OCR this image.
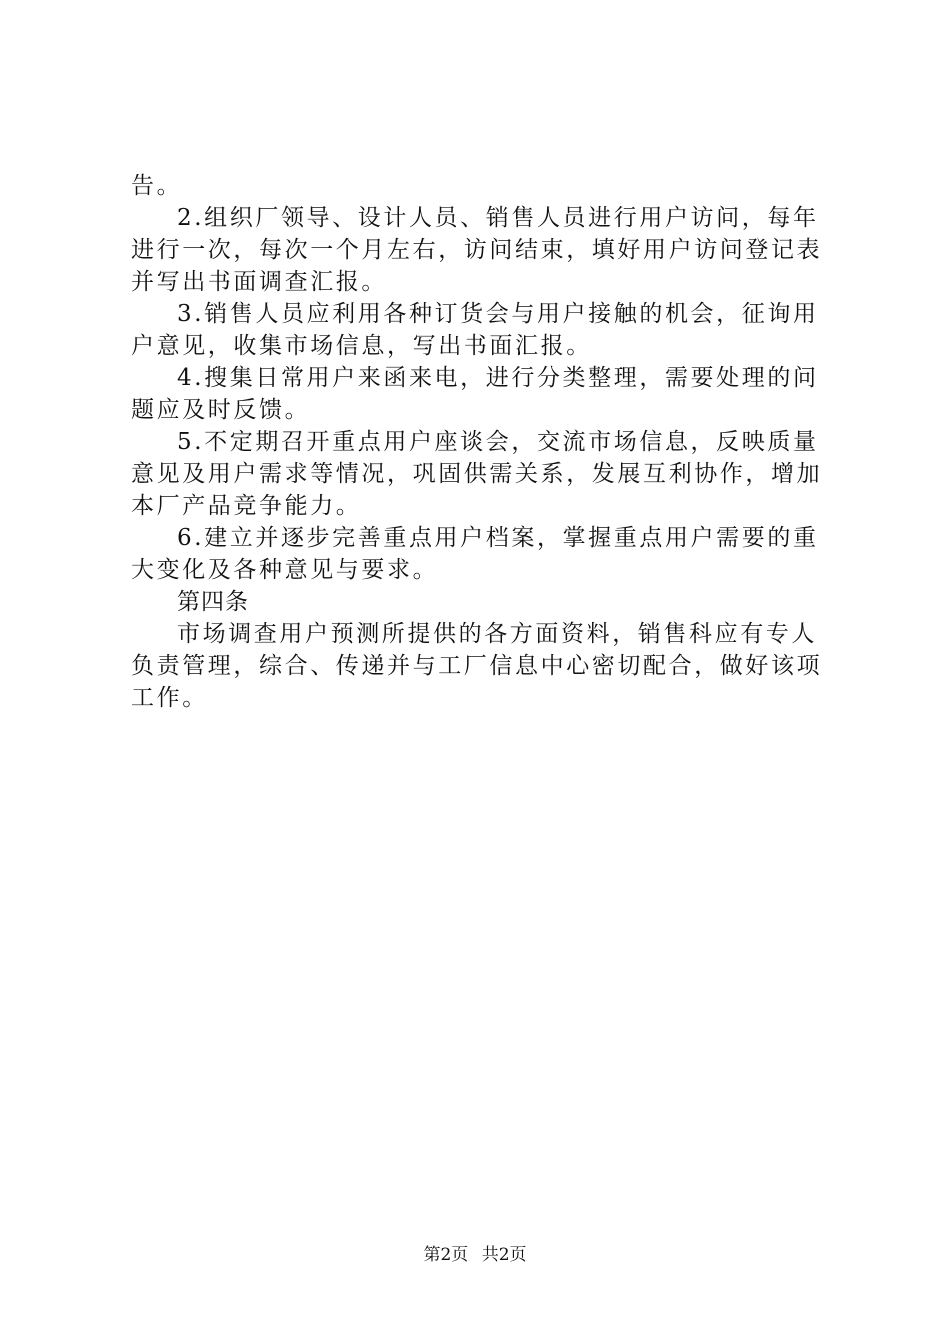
告。
2.组织厂领导、设计人员、销售人员进行用户访问，每年
进行一次，每次一个月左右，访问结束，填好用户访问登记表
并写出书面调查汇报。
3.销售人员应利用各种订货会与用户接触的机会，征询用
户意见，收集市场信息，写出书面汇报。
4.搜集日常用户来函来电，进行分类整理，需要处理的问
题应及时反馈。
5.不定期召开重点用户座谈会，交流市场信息，反映质量
意见及用户需求等情况，巩固供需关系，发展互利协作，增加
本厂产品竞争能力。
6.建立并逐步完善重点用户档案，掌握重点用户需要的重
大变化及各种意见与要求。
第四条
市场调查用户预测所提供的各方面资料，销售科应有专人
负责管理，综合、传递并与工厂信息中心密切配合，做好该项
工作。
第2页 共2页
